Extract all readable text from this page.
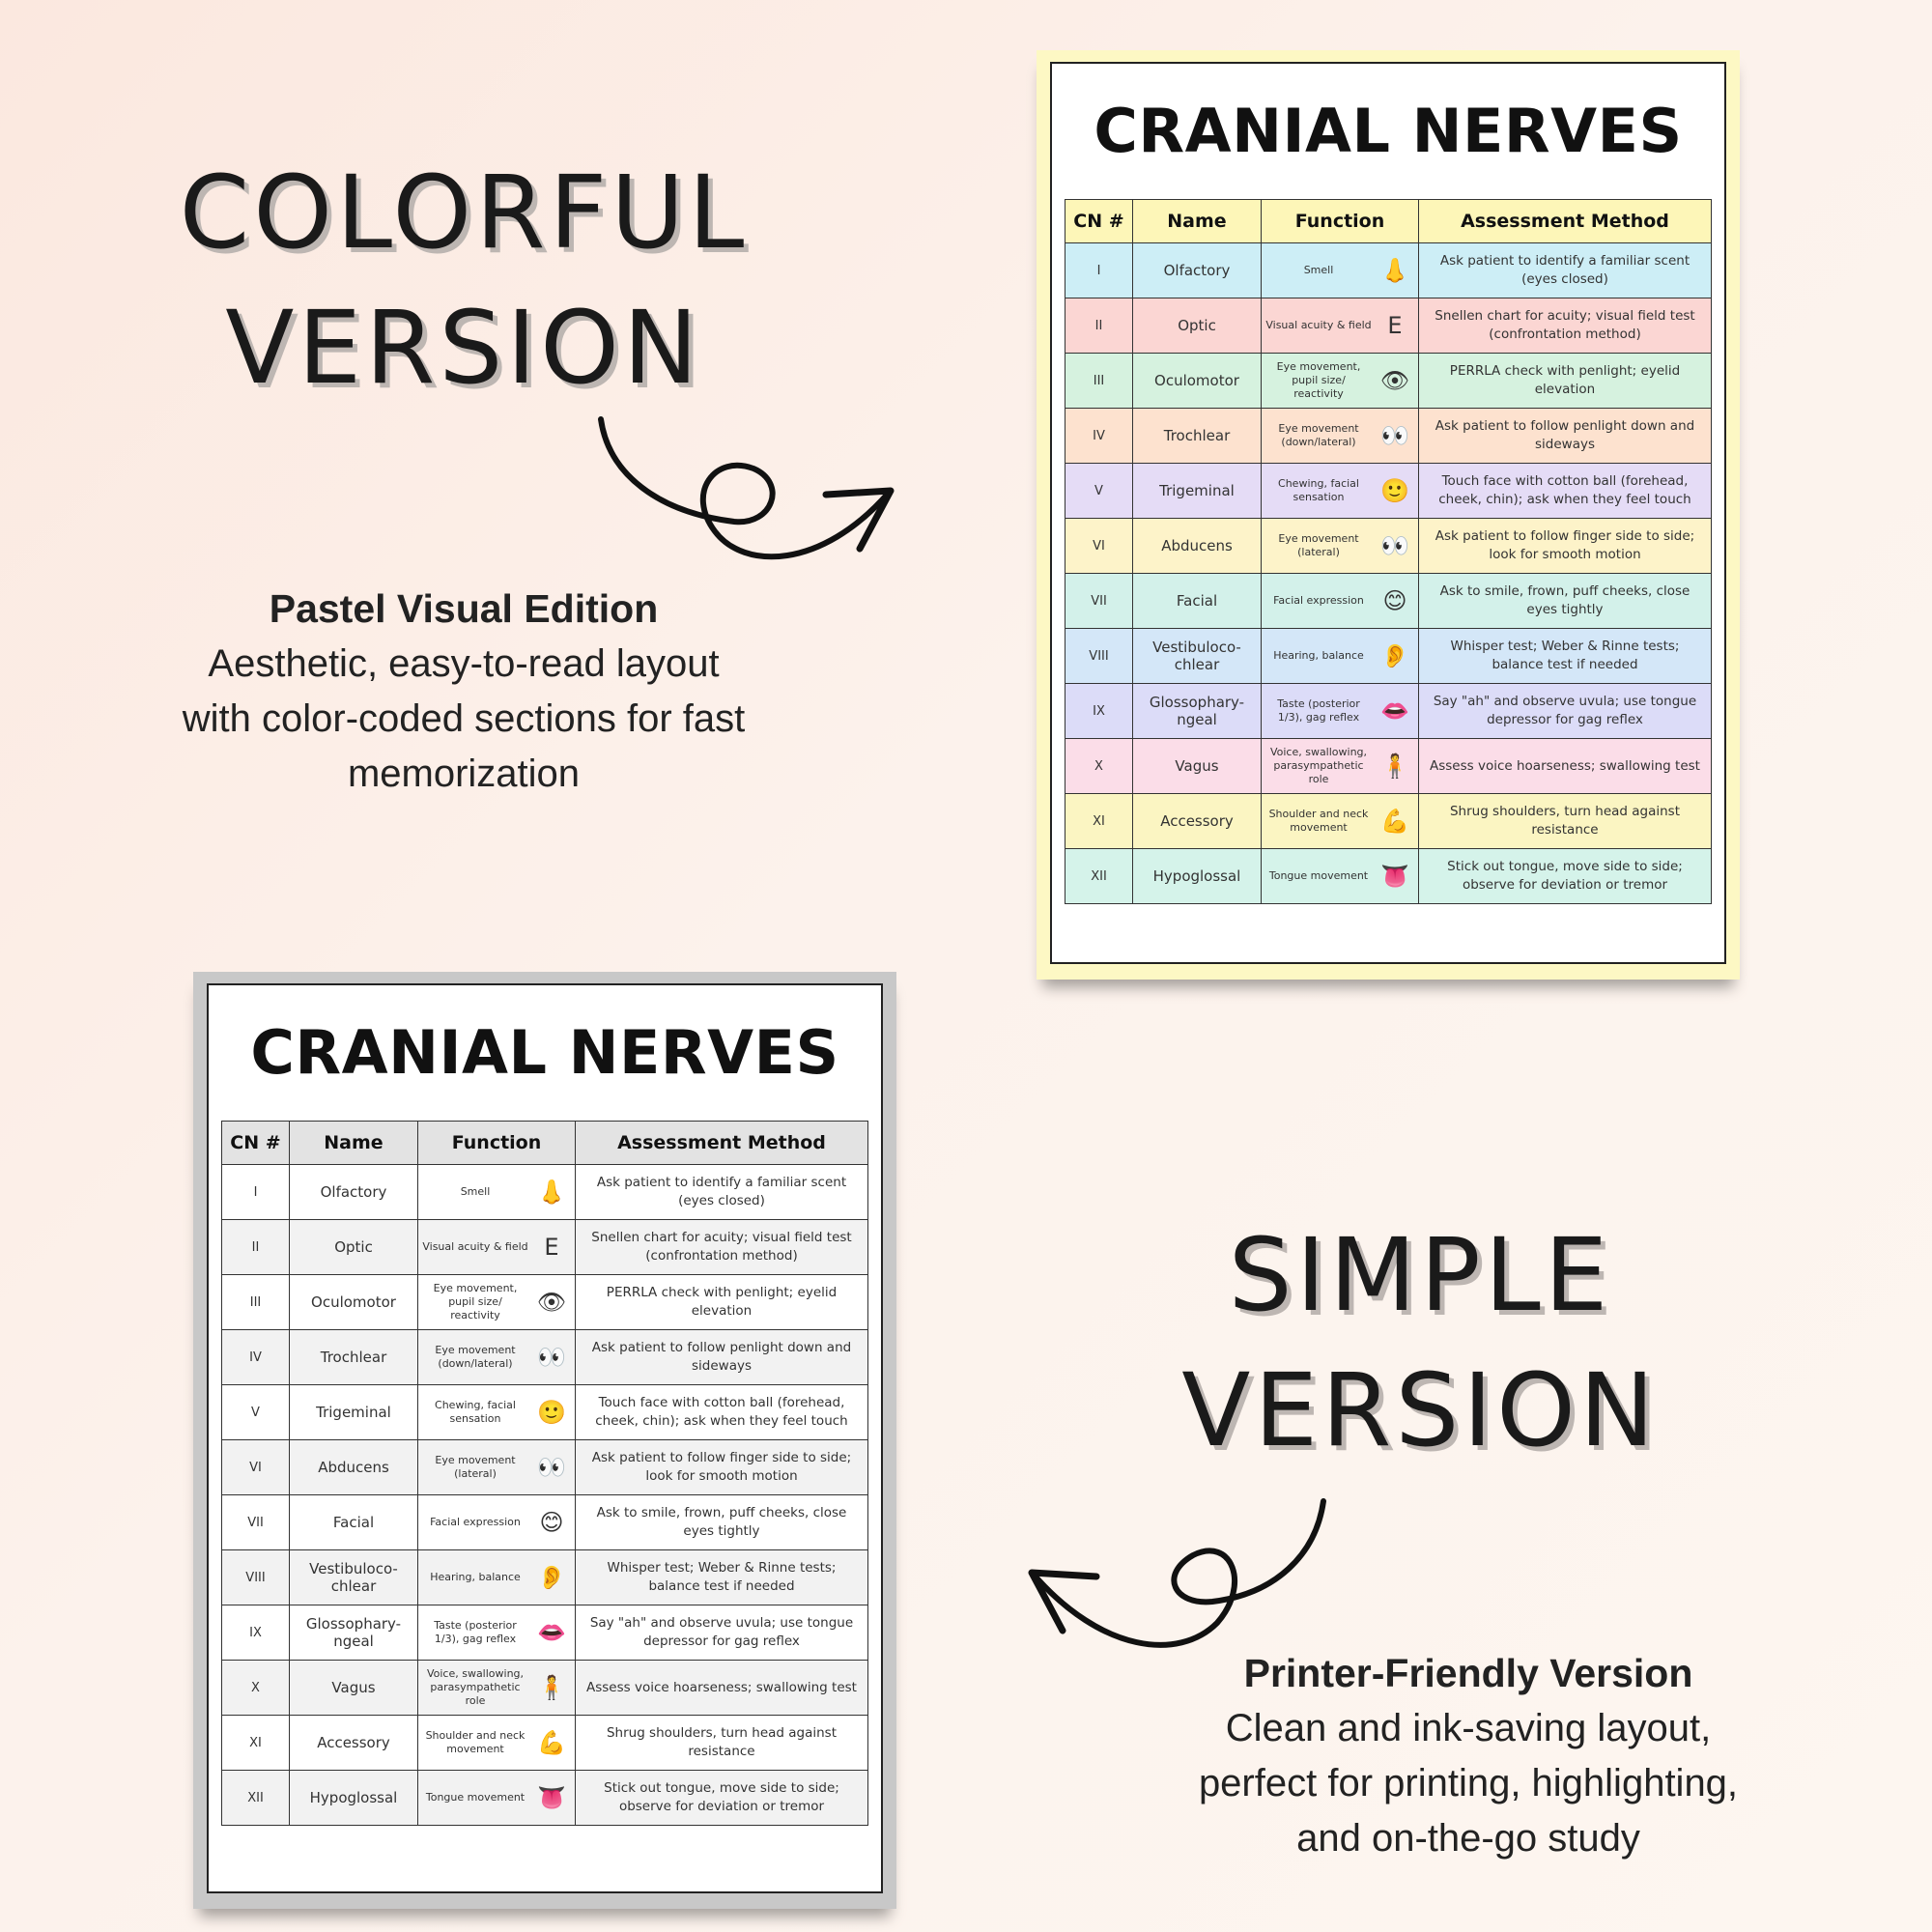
COLORFUL
VERSION
Pastel Visual Edition
Aesthetic, easy-to-read layout
with color-coded sections for fast
memorization
SIMPLE
VERSION
Printer-Friendly Version
Clean and ink-saving layout,
perfect for printing, highlighting,
and on-the-go study
CRANIAL NERVES
CN #	Name	Function	Assessment Method
I	Olfactory	Smell 👃	Ask patient to identify a familiar scent (eyes closed)
II	Optic	Visual acuity & field E	Snellen chart for acuity; visual field test (confrontation method)
III	Oculomotor	Eye movement, pupil size/ reactivity 👁	PERRLA check with penlight; eyelid elevation
IV	Trochlear	Eye movement (down/lateral) 👀	Ask patient to follow penlight down and sideways
V	Trigeminal	Chewing, facial sensation 🙂	Touch face with cotton ball (forehead, cheek, chin); ask when they feel touch
VI	Abducens	Eye movement (lateral) 👀	Ask patient to follow finger side to side; look for smooth motion
VII	Facial	Facial expression 😊	Ask to smile, frown, puff cheeks, close eyes tightly
VIII	Vestibuloco-chlear	Hearing, balance 👂	Whisper test; Weber & Rinne tests; balance test if needed
IX	Glossophary-ngeal	Taste (posterior 1/3), gag reflex 👄	Say "ah" and observe uvula; use tongue depressor for gag reflex
X	Vagus	Voice, swallowing, parasympathetic role 🧍	Assess voice hoarseness; swallowing test
XI	Accessory	Shoulder and neck movement 💪	Shrug shoulders, turn head against resistance
XII	Hypoglossal	Tongue movement 👅	Stick out tongue, move side to side; observe for deviation or tremor
CRANIAL NERVES
CN #	Name	Function	Assessment Method
I	Olfactory	Smell 👃	Ask patient to identify a familiar scent (eyes closed)
II	Optic	Visual acuity & field E	Snellen chart for acuity; visual field test (confrontation method)
III	Oculomotor	Eye movement, pupil size/ reactivity 👁	PERRLA check with penlight; eyelid elevation
IV	Trochlear	Eye movement (down/lateral) 👀	Ask patient to follow penlight down and sideways
V	Trigeminal	Chewing, facial sensation 🙂	Touch face with cotton ball (forehead, cheek, chin); ask when they feel touch
VI	Abducens	Eye movement (lateral) 👀	Ask patient to follow finger side to side; look for smooth motion
VII	Facial	Facial expression 😊	Ask to smile, frown, puff cheeks, close eyes tightly
VIII	Vestibuloco-chlear	Hearing, balance 👂	Whisper test; Weber & Rinne tests; balance test if needed
IX	Glossophary-ngeal	Taste (posterior 1/3), gag reflex 👄	Say "ah" and observe uvula; use tongue depressor for gag reflex
X	Vagus	Voice, swallowing, parasympathetic role 🧍	Assess voice hoarseness; swallowing test
XI	Accessory	Shoulder and neck movement 💪	Shrug shoulders, turn head against resistance
XII	Hypoglossal	Tongue movement 👅	Stick out tongue, move side to side; observe for deviation or tremor
